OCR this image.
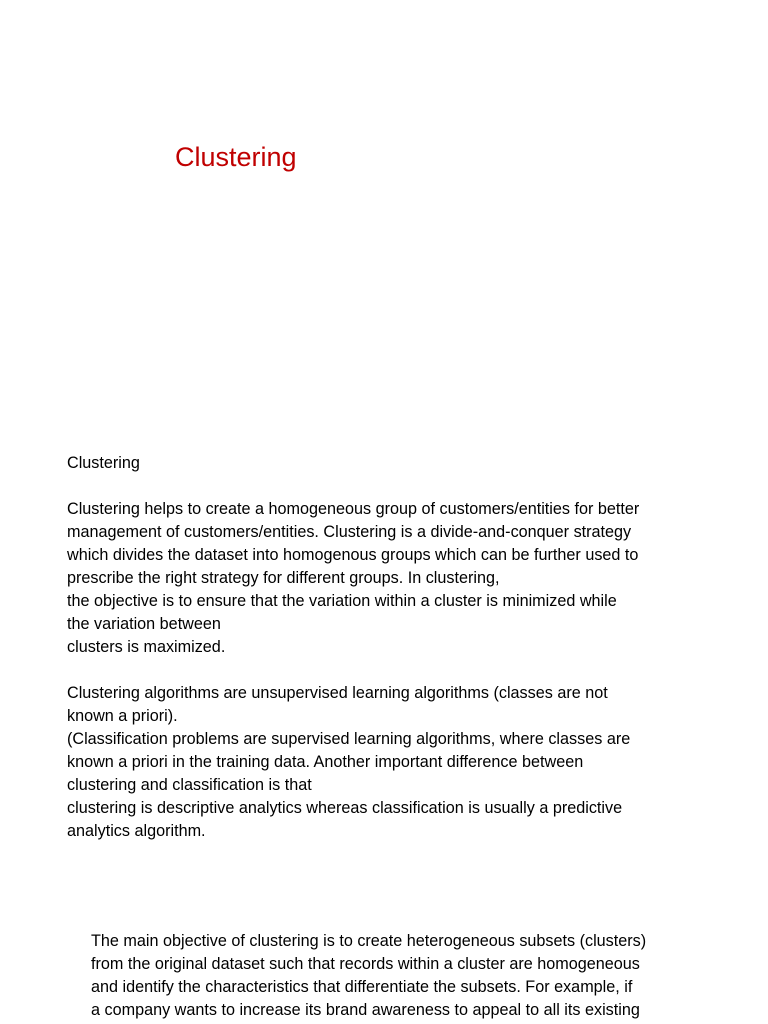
Clustering
Clustering
Clustering helps to create a homogeneous group of customers/entities for better
management of customers/entities. Clustering is a divide-and-conquer strategy
which divides the dataset into homogenous groups which can be further used to
prescribe the right strategy for different groups. In clustering,
the objective is to ensure that the variation within a cluster is minimized while
the variation between
clusters is maximized.
Clustering algorithms are unsupervised learning algorithms (classes are not
known a priori).
(Classification problems are supervised learning algorithms, where classes are
known a priori in the training data. Another important difference between
clustering and classification is that
clustering is descriptive analytics whereas classification is usually a predictive
analytics algorithm.
The main objective of clustering is to create heterogeneous subsets (clusters)
from the original dataset such that records within a cluster are homogeneous
and identify the characteristics that differentiate the subsets. For example, if
a company wants to increase its brand awareness to appeal to all its existing
